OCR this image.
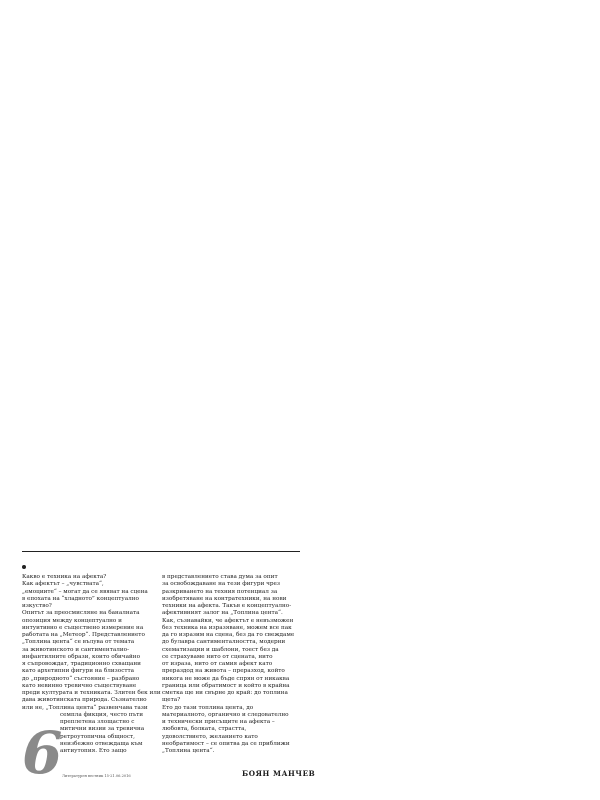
Какво е техника на афекта?

Как афектът – „чувствата“,

„емоциите“ – могат да се явяват на сцена

в епохата на “хладното” концептуално

изкуство?

Опитът за преосмисляне на баналната

опозиция между концептуално и

интуитивно е съществено измерение на

работата на „Метеор“. Представлението

„Топлина цента“ се вълува от темата

за животинското и сантименталио-

инфантилните образи, които обичайно

я съпровождат, традиционно схващани

като архетипни фигури на близостта

до „природното“ състояние – разбрано

като невинно тревично съществуване

преди културата и техниката. Злитен бек или

дава животинската природа. Съзнателно

или не, „Топлина цента“ развенчава тази

семпла фикция, често пъти

преплетена злощастно с

митични визии за тревична

ретроутопична общност,

неизбежно отвеждаща към

антиутопия. Ето защо

в представлението става дума за опит

за освобождаване на тези фигури чрез

разкриването на техния потенциал за

изобретяване на контратехники, на нови

техники на афекта. Такъв е концептуално-

афективният залог на „Топлина цента“.

Как, съзнавайки, че афектът е невъзможен

без техника на изразяване, можем все пак

да го изразим на сцена, без да го свеждаме

до булавра сантименталността, модерни

схематизации и шаблони, тоест без да

се страхуваме нито от сцената, нито

от израза, нито от самия афект като

прераздод на живота – преразход, който

никога не може да бъде спрян от никаква

граница или обратимост и който в крайна

сметка ще ни свърне до край: до топлина

щета?

Ето до тази топлина цента, до

материалното, органично и следователно

и технически присъщите на афекта –

любовта, болката, страстта,

удоволствието, желанието като

необратимост – се опитва да се приближи

„Топлина цента“.

6 Литературен вестник 15-21.06.2016	БОЯН МАНЧЕВ
